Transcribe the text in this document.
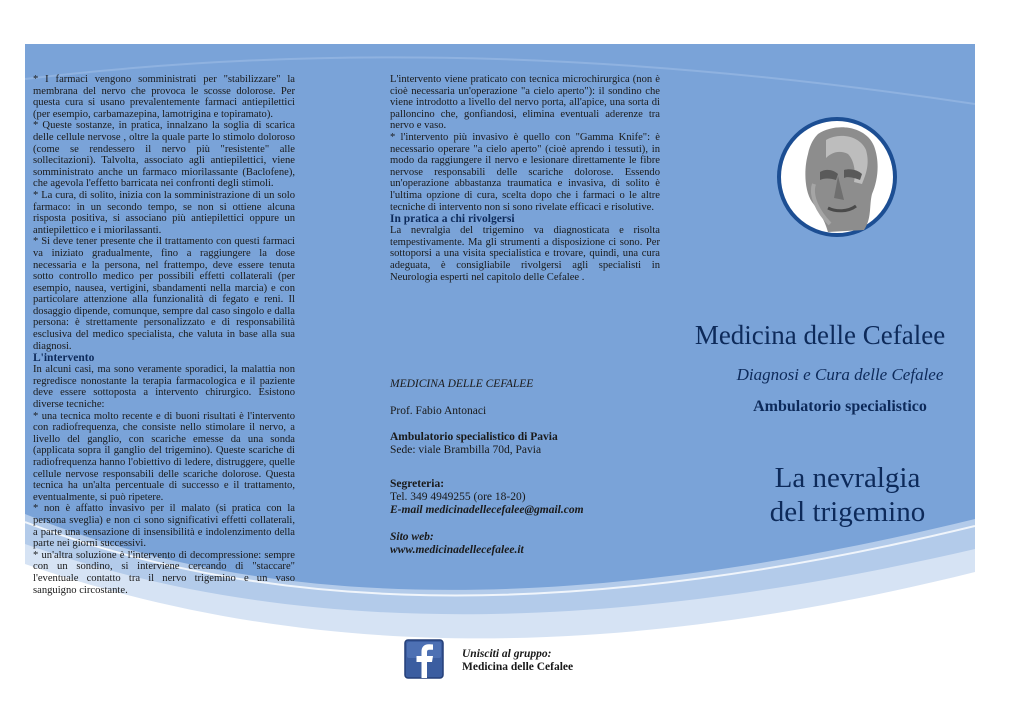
* I farmaci vengono somministrati per "stabilizzare" la membrana del nervo che provoca le scosse dolorose. Per questa cura si usano prevalentemente farmaci antiepilettici (per esempio, carbamazepina, lamotrigina e topiramato).

* Queste sostanze, in pratica, innalzano la soglia di scarica delle cellule nervose , oltre la quale parte lo stimolo doloroso (come se rendessero il nervo più "resistente" alle sollecitazioni). Talvolta, associato agli antiepilettici, viene somministrato anche un farmaco miorilassante (Baclofene), che agevola l'effetto barricata nei confronti degli stimoli.

* La cura, di solito, inizia con la somministrazione di un solo farmaco: in un secondo tempo, se non si ottiene alcuna risposta positiva, si associano più antiepilettici oppure un antiepilettico e i miorilassanti.

* Si deve tener presente che il trattamento con questi farmaci va iniziato gradualmente, fino a raggiungere la dose necessaria e la persona, nel frattempo, deve essere tenuta sotto controllo medico per possibili effetti collaterali (per esempio, nausea, vertigini, sbandamenti nella marcia) e con particolare attenzione alla funzionalità di fegato e reni. Il dosaggio dipende, comunque, sempre dal caso singolo e dalla persona: è strettamente personalizzato e di responsabilità esclusiva del medico specialista, che valuta in base alla sua diagnosi.

L'intervento

In alcuni casi, ma sono veramente sporadici, la malattia non regredisce nonostante la terapia farmacologica e il paziente deve essere sottoposta a intervento chirurgico. Esistono diverse tecniche:

* una tecnica molto recente e di buoni risultati è l'intervento con radiofrequenza, che consiste nello stimolare il nervo, a livello del ganglio, con scariche emesse da una sonda (applicata sopra il ganglio del trigemino). Queste scariche di radiofrequenza hanno l'obiettivo di ledere, distruggere, quelle cellule nervose responsabili delle scariche dolorose. Questa tecnica ha un'alta percentuale di successo e il trattamento, eventualmente, si può ripetere.

* non è affatto invasivo per il malato (si pratica con la persona sveglia) e non ci sono significativi effetti collaterali, a parte una sensazione di insensibilità e indolenzimento della parte nei giorni successivi.

* un'altra soluzione è l'intervento di decompressione: sempre con un sondino, si interviene cercando di "staccare" l'eventuale contatto tra il nervo trigemino e un vaso sanguigno circostante.

L'intervento viene praticato con tecnica microchirurgica (non è cioè necessaria un'operazione "a cielo aperto"): il sondino che viene introdotto a livello del nervo porta, all'apice, una sorta di palloncino che, gonfiandosi, elimina eventuali aderenze tra nervo e vaso.

* l'intervento più invasivo è quello con "Gamma Knife": è necessario operare "a cielo aperto" (cioè aprendo i tessuti), in modo da raggiungere il nervo e lesionare direttamente le fibre nervose responsabili delle scariche dolorose. Essendo un'operazione abbastanza traumatica e invasiva, di solito è l'ultima opzione di cura, scelta dopo che i farmaci o le altre tecniche di intervento non si sono rivelate efficaci e risolutive.

In pratica a chi rivolgersi

La nevralgia del trigemino va diagnosticata e risolta tempestivamente. Ma gli strumenti a disposizione ci sono. Per sottoporsi a una visita specialistica e trovare, quindi, una cura adeguata, è consigliabile rivolgersi agli specialisti in Neurologia esperti nel capitolo delle Cefalee .

MEDICINA DELLE CEFALEE
Prof. Fabio Antonaci
Ambulatorio specialistico di Pavia
Sede: viale Brambilla 70d, Pavia
Segreteria:
Tel. 349 4949255 (ore 18-20)
E-mail medicinadellecefalee@gmail.com
Sito web:
www.medicinadellecefalee.it
Medicina delle Cefalee
Diagnosi e Cura delle Cefalee
Ambulatorio specialistico
La nevralgia
del trigemino
Unisciti al gruppo:
Medicina delle Cefalee
